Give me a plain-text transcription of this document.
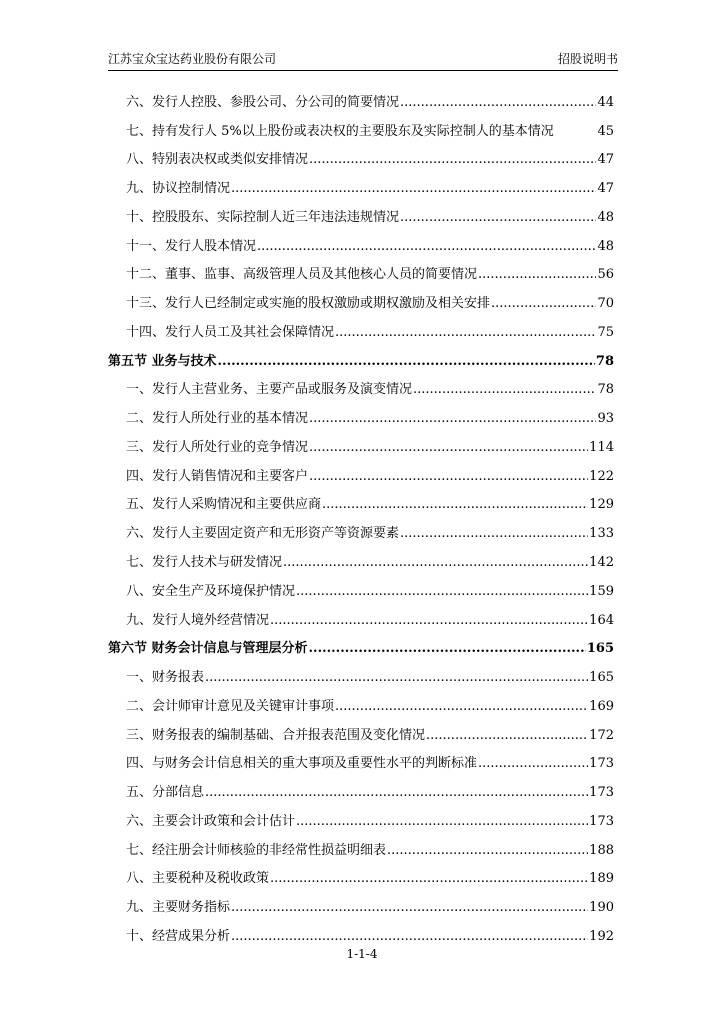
江苏宝众宝达药业股份有限公司	招股说明书
六、发行人控股、参股公司、分公司的简要情况 .....	44
七、持有发行人 5%以上股份或表决权的主要股东及实际控制人的基本情况	45
八、特别表决权或类似安排情况 .....	47
九、协议控制情况 .....	47
十、控股股东、实际控制人近三年违法违规情况 .....	48
十一、发行人股本情况 .....	48
十二、董事、监事、高级管理人员及其他核心人员的简要情况 .....	56
十三、发行人已经制定或实施的股权激励或期权激励及相关安排 .....	70
十四、发行人员工及其社会保障情况 .....	75
第五节 业务与技术 .....	78
一、发行人主营业务、主要产品或服务及演变情况 .....	78
二、发行人所处行业的基本情况 .....	93
三、发行人所处行业的竞争情况 .....	114
四、发行人销售情况和主要客户 .....	122
五、发行人采购情况和主要供应商 .....	129
六、发行人主要固定资产和无形资产等资源要素 .....	133
七、发行人技术与研发情况 .....	142
八、安全生产及环境保护情况 .....	159
九、发行人境外经营情况 .....	164
第六节 财务会计信息与管理层分析 .....	165
一、财务报表 .....	165
二、会计师审计意见及关键审计事项 .....	169
三、财务报表的编制基础、合并报表范围及变化情况 .....	172
四、与财务会计信息相关的重大事项及重要性水平的判断标准 .....	173
五、分部信息 .....	173
六、主要会计政策和会计估计 .....	173
七、经注册会计师核验的非经常性损益明细表 .....	188
八、主要税种及税收政策 .....	189
九、主要财务指标 .....	190
十、经营成果分析 .....	192
1-1-4
